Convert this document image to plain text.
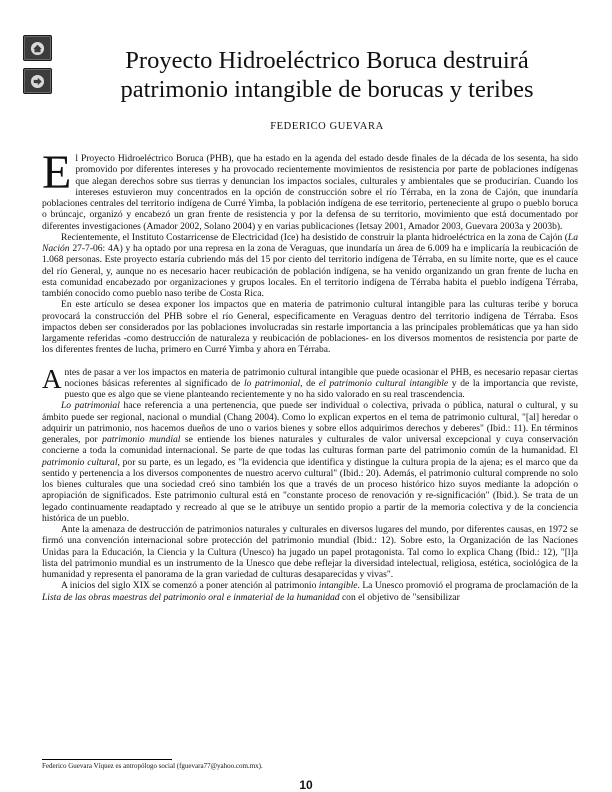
Proyecto Hidroeléctrico Boruca destruirá
patrimonio intangible de borucas y teribes

FEDERICO GUEVARA

El Proyecto Hidroeléctrico Boruca (PHB), que ha estado en la agenda del estado desde finales de la década de los sesenta, ha sido promovido por diferentes intereses y ha provocado recientemente movimientos de resistencia por parte de poblaciones indígenas que alegan derechos sobre sus tierras y denuncian los impactos sociales, culturales y ambientales que se producirían. Cuando los intereses estuvieron muy concentrados en la opción de construcción sobre el río Térraba, en la zona de Cajón, que inundaría poblaciones centrales del territorio indígena de Curré Yimba, la población indígena de ese territorio, perteneciente al grupo o pueblo boruca o brúncajc, organizó y encabezó un gran frente de resistencia y por la defensa de su territorio, movimiento que está documentado por diferentes investigaciones (Amador 2002, Solano 2004) y en varias publicaciones (Ietsay 2001, Amador 2003, Guevara 2003a y 2003b).

Recientemente, el Instituto Costarricense de Electricidad (Ice) ha desistido de construir la planta hidroeléctrica en la zona de Cajón (La Nación 27-7-06: 4A) y ha optado por una represa en la zona de Veraguas, que inundaría un área de 6.009 ha e implicaría la reubicación de 1.068 personas. Este proyecto estaría cubriendo más del 15 por ciento del territorio indígena de Térraba, en su límite norte, que es el cauce del río General, y, aunque no es necesario hacer reubicación de población indígena, se ha venido organizando un gran frente de lucha en esta comunidad encabezado por organizaciones y grupos locales. En el territorio indígena de Térraba habita el pueblo indígena Térraba, también conocido como pueblo naso teribe de Costa Rica.

En este artículo se desea exponer los impactos que en materia de patrimonio cultural intangible para las culturas teribe y boruca provocará la construcción del PHB sobre el río General, específicamente en Veraguas dentro del territorio indígena de Térraba. Esos impactos deben ser considerados por las poblaciones involucradas sin restarle importancia a las principales problemáticas que ya han sido largamente referidas -como destrucción de naturaleza y reubicación de poblaciones- en los diversos momentos de resistencia por parte de los diferentes frentes de lucha, primero en Curré Yimba y ahora en Térraba.

Antes de pasar a ver los impactos en materia de patrimonio cultural intangible que puede ocasionar el PHB, es necesario repasar ciertas nociones básicas referentes al significado de lo patrimonial, de el patrimonio cultural intangible y de la importancia que reviste, puesto que es algo que se viene planteando recientemente y no ha sido valorado en su real trascendencia.

Lo patrimonial hace referencia a una pertenencia, que puede ser individual o colectiva, privada o pública, natural o cultural, y su ámbito puede ser regional, nacional o mundial (Chang 2004). Como lo explican expertos en el tema de patrimonio cultural, "[al] heredar o adquirir un patrimonio, nos hacemos dueños de uno o varios bienes y sobre ellos adquirimos derechos y deberes" (Ibid.: 11). En términos generales, por patrimonio mundial se entiende los bienes naturales y culturales de valor universal excepcional y cuya conservación concierne a toda la comunidad internacional. Se parte de que todas las culturas forman parte del patrimonio común de la humanidad. El patrimonio cultural, por su parte, es un legado, es "la evidencia que identifica y distingue la cultura propia de la ajena; es el marco que da sentido y pertenencia a los diversos componentes de nuestro acervo cultural" (Ibid.: 20). Además, el patrimonio cultural comprende no solo los bienes culturales que una sociedad creó sino también los que a través de un proceso histórico hizo suyos mediante la adopción o apropiación de significados. Este patrimonio cultural está en "constante proceso de renovación y re-significación" (Ibid.). Se trata de un legado continuamente readaptado y recreado al que se le atribuye un sentido propio a partir de la memoria colectiva y de la conciencia histórica de un pueblo.

Ante la amenaza de destrucción de patrimonios naturales y culturales en diversos lugares del mundo, por diferentes causas, en 1972 se firmó una convención internacional sobre protección del patrimonio mundial (Ibid.: 12). Sobre esto, la Organización de las Naciones Unidas para la Educación, la Ciencia y la Cultura (Unesco) ha jugado un papel protagonista. Tal como lo explica Chang (Ibid.: 12), "[l]a lista del patrimonio mundial es un instrumento de la Unesco que debe reflejar la diversidad intelectual, religiosa, estética, sociológica de la humanidad y representa el panorama de la gran variedad de culturas desaparecidas y vivas".

A inicios del siglo XIX se comenzó a poner atención al patrimonio intangible. La Unesco promovió el programa de proclamación de la Lista de las obras maestras del patrimonio oral e inmaterial de la humanidad con el objetivo de "sensibilizar

Federico Guevara Víquez es antropólogo social (fguevara77@yahoo.com.mx).

10
